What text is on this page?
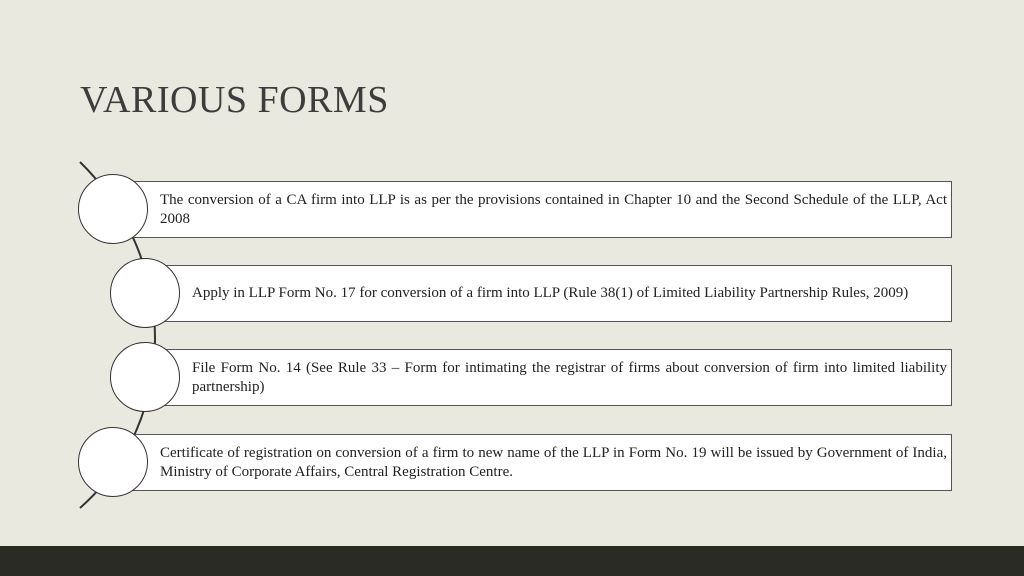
VARIOUS FORMS
The conversion of a CA firm into LLP is as per the provisions contained in Chapter 10 and the Second Schedule of the LLP, Act 2008
Apply in LLP Form No. 17 for conversion of a firm into LLP (Rule 38(1) of Limited Liability Partnership Rules, 2009)
File Form No. 14 (See Rule 33 – Form for intimating the registrar of firms about conversion of firm into limited liability partnership)
Certificate of registration on conversion of a firm to new name of the LLP in Form No. 19 will be issued by Government of India, Ministry of Corporate Affairs, Central Registration Centre.
